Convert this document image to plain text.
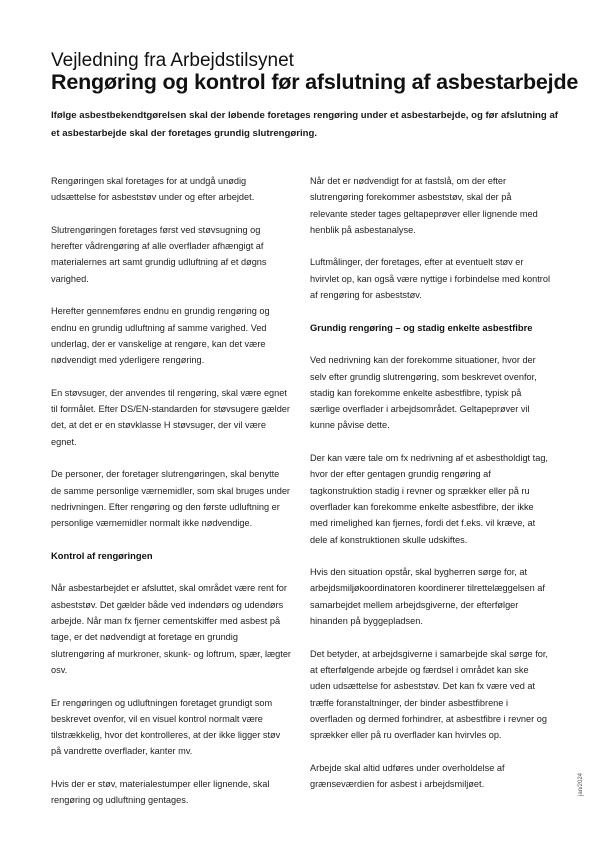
Vejledning fra Arbejdstilsynet
Rengøring og kontrol før afslutning af asbestarbejde
Ifølge asbestbekendtgørelsen skal der løbende foretages rengøring under et asbestarbejde, og før afslutning af et asbestarbejde skal der foretages grundig slutrengøring.

Rengøringen skal foretages for at undgå unødig udsættelse for asbeststøv under og efter arbejdet.

Slutrengøringen foretages først ved støvsugning og herefter vådrengøring af alle overflader afhængigt af materialernes art samt grundig udluftning af et døgns varighed.

Herefter gennemføres endnu en grundig rengøring og endnu en grundig udluftning af samme varighed. Ved underlag, der er vanskelige at rengøre, kan det være nødvendigt med yderligere rengøring.

En støvsuger, der anvendes til rengøring, skal være egnet til formålet. Efter DS/EN-standarden for støvsugere gælder det, at det er en støvklasse H støvsuger, der vil være egnet.

De personer, der foretager slutrengøringen, skal benytte de samme personlige værnemidler, som skal bruges under nedrivningen. Efter rengøring og den første udluftning er personlige værnemidler normalt ikke nødvendige.

Kontrol af rengøringen

Når asbestarbejdet er afsluttet, skal området være rent for asbeststøv. Det gælder både ved indendørs og udendørs arbejde. Når man fx fjerner cementskiffer med asbest på tage, er det nødvendigt at foretage en grundig slutrengøring af murkroner, skunk- og loftrum, spær, lægter osv.

Er rengøringen og udluftningen foretaget grundigt som beskrevet ovenfor, vil en visuel kontrol normalt være tilstrækkelig, hvor det kontrolleres, at der ikke ligger støv på vandrette overflader, kanter mv.

Hvis der er støv, materialestumper eller lignende, skal rengøring og udluftning gentages.

Når det er nødvendigt for at fastslå, om der efter slutrengøring forekommer asbeststøv, skal der på relevante steder tages geltapeprøver eller lignende med henblik på asbestanalyse.

Luftmålinger, der foretages, efter at eventuelt støv er hvirvlet op, kan også være nyttige i forbindelse med kontrol af rengøring for asbeststøv.

Grundig rengøring – og stadig enkelte asbestfibre

Ved nedrivning kan der forekomme situationer, hvor der selv efter grundig slutrengøring, som beskrevet ovenfor, stadig kan forekomme enkelte asbestfibre, typisk på særlige overflader i arbejdsområdet. Geltapeprøver vil kunne påvise dette.

Der kan være tale om fx nedrivning af et asbestholdigt tag, hvor der efter gentagen grundig rengøring af tagkonstruktion stadig i revner og sprækker eller på ru overflader kan forekomme enkelte asbestfibre, der ikke med rimelighed kan fjernes, fordi det f.eks. vil kræve, at dele af konstruktionen skulle udskiftes.

Hvis den situation opstår, skal bygherren sørge for, at arbejdsmiljøkoordinatoren koordinerer tilrettelæggelsen af samarbejdet mellem arbejdsgiverne, der efterfølger hinanden på byggepladsen.

Det betyder, at arbejdsgiverne i samarbejde skal sørge for, at efterfølgende arbejde og færdsel i området kan ske uden udsættelse for asbeststøv. Det kan fx være ved at træffe foranstaltninger, der binder asbestfibrene i overfladen og dermed forhindrer, at asbestfibre i revner og sprækker eller på ru overflader kan hvirvles op.

Arbejde skal altid udføres under overholdelse af grænseværdien for asbest i arbejdsmiljøet.	jan/2024
